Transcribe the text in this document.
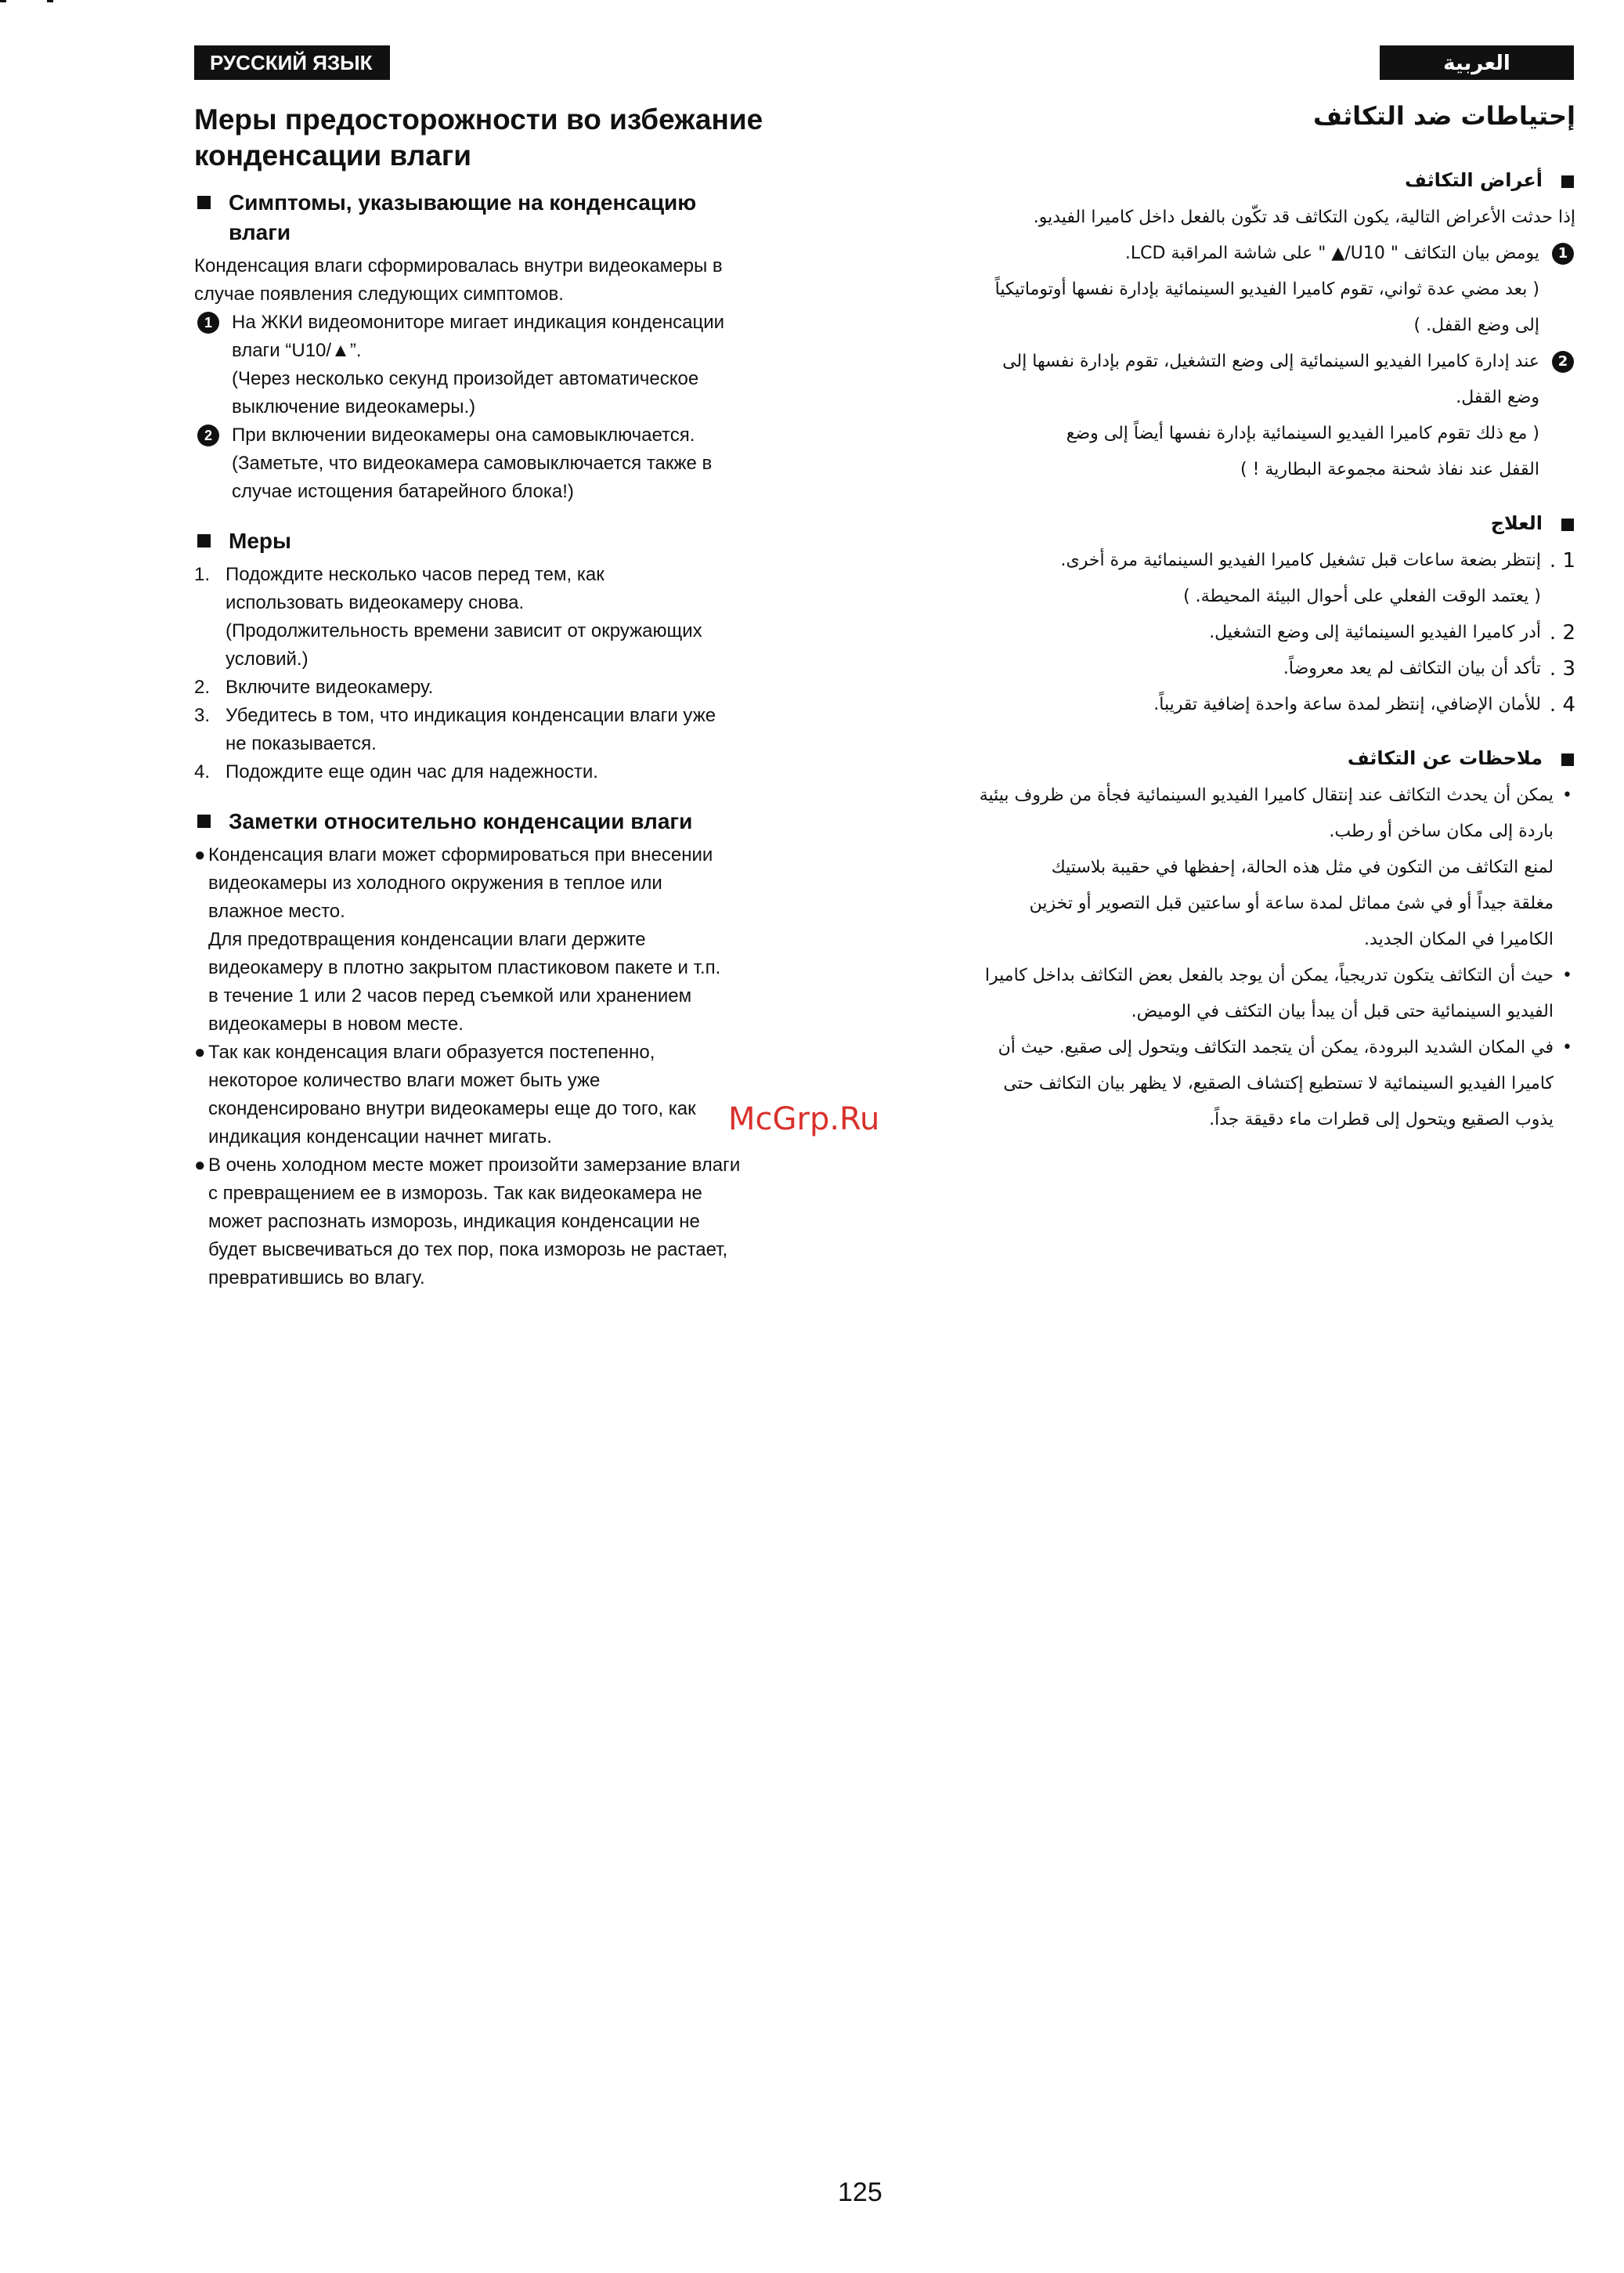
РУССКИЙ ЯЗЫК	العربية
Меры предосторожности во избежание
конденсации влаги
Симптомы, указывающие на конденсацию
влаги

Конденсация влаги сформировалась внутри видеокамеры в
случае появления следующих симптомов.

1	На ЖКИ видеомониторе мигает индикация конденсации
влаги “U10/▲”.
(Через несколько секунд произойдет автоматическое
выключение видеокамеры.)
2	При включении видеокамеры она самовыключается.
(Заметьте, что видеокамера самовыключается также в
случае истощения батарейного блока!)
Меры
1. Подождите несколько часов перед тем, как
использовать видеокамеру снова.
(Продолжительность времени зависит от окружающих
условий.)
2. Включите видеокамеру.
3. Убедитесь в том, что индикация конденсации влаги уже
не показывается.
4. Подождите еще один час для надежности.
Заметки относительно конденсации влаги
● Конденсация влаги может сформироваться при внесении
видеокамеры из холодного окружения в теплое или
влажное место.
Для предотвращения конденсации влаги держите
видеокамеру в плотно закрытом пластиковом пакете и т.п.
в течение 1 или 2 часов перед съемкой или хранением
видеокамеры в новом месте.
● Так как конденсация влаги образуется постепенно,
некоторое количество влаги может быть уже
сконденсировано внутри видеокамеры еще до того, как
индикация конденсации начнет мигать.
● В очень холодном месте может произойти замерзание влаги
с превращением ее в изморозь. Так как видеокамера не
может распознать изморозь, индикация конденсации не
будет высвечиваться до тех пор, пока изморозь не растает,
превратившись во влагу.
إحتياطات ضد التكاثف
أعراض التكاثف

إذا حدثت الأعراض التالية، يكون التكاثف قد تكّون بالفعل داخل كاميرا الفيديو.

1
يومض بيان التكاثف " U10/▲ " على شاشة المراقبة LCD.
( بعد مضي عدة ثواني، تقوم كاميرا الفيديو السينمائية بإدارة نفسها أوتوماتيكياً
إلى وضع القفل. )
2
عند إدارة كاميرا الفيديو السينمائية إلى وضع التشغيل، تقوم بإدارة نفسها إلى
وضع القفل.
( مع ذلك تقوم كاميرا الفيديو السينمائية بإدارة نفسها أيضاً إلى وضع
القفل عند نفاذ شحنة مجموعة البطارية ! )
العلاج
1 .
إنتظر بضعة ساعات قبل تشغيل كاميرا الفيديو السينمائية مرة أخرى.
( يعتمد الوقت الفعلي على أحوال البيئة المحيطة. )
2 .
أدر كاميرا الفيديو السينمائية إلى وضع التشغيل.
3 .
تأكد أن بيان التكاثف لم يعد معروضاً.
4 .
للأمان الإضافي، إنتظر لمدة ساعة واحدة إضافية تقريباً.
ملاحظات عن التكاثف
•
يمكن أن يحدث التكاثف عند إنتقال كاميرا الفيديو السينمائية فجأة من ظروف بيئية
باردة إلى مكان ساخن أو رطب.
لمنع التكاثف من التكون في مثل هذه الحالة، إحفظها في حقيبة بلاستيك
مغلقة جيداً أو في شئ مماثل لمدة ساعة أو ساعتين قبل التصوير أو تخزين
الكاميرا في المكان الجديد.
•
حيث أن التكاثف يتكون تدريجياً، يمكن أن يوجد بالفعل بعض التكاثف بداخل كاميرا
الفيديو السينمائية حتى قبل أن يبدأ بيان التكثف في الوميض.
•
في المكان الشديد البرودة، يمكن أن يتجمد التكاثف ويتحول إلى صقيع. حيث أن
كاميرا الفيديو السينمائية لا تستطيع إكتشاف الصقيع، لا يظهر بيان التكاثف حتى
يذوب الصقيع ويتحول إلى قطرات ماء دقيقة جداً.
McGrp.Ru
125
